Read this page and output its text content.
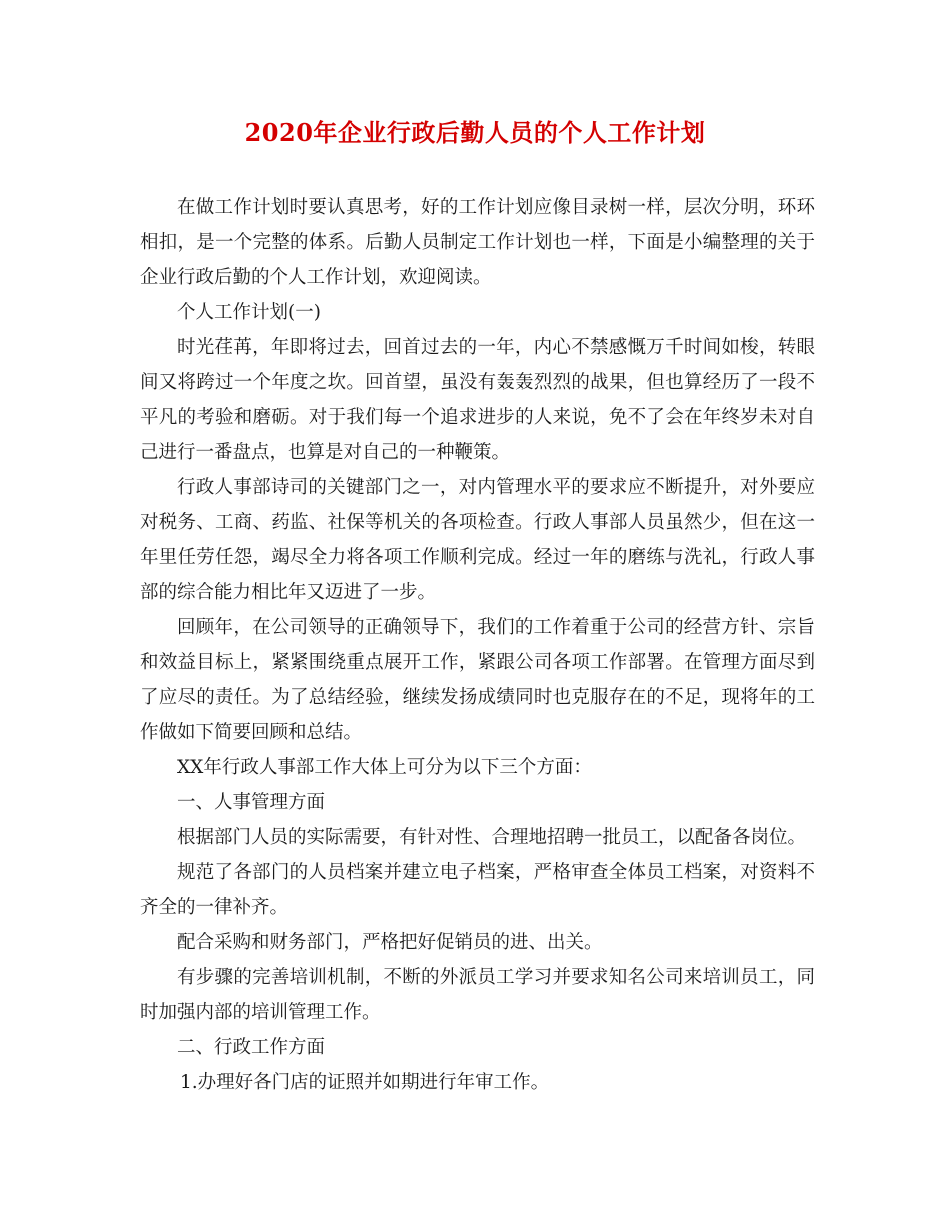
2020年企业行政后勤人员的个人工作计划

在做工作计划时要认真思考，好的工作计划应像目录树一样，层次分明，环环相扣，是一个完整的体系。后勤人员制定工作计划也一样，下面是小编整理的关于企业行政后勤的个人工作计划，欢迎阅读。

个人工作计划(一)

时光荏苒，年即将过去，回首过去的一年，内心不禁感慨万千时间如梭，转眼间又将跨过一个年度之坎。回首望，虽没有轰轰烈烈的战果，但也算经历了一段不平凡的考验和磨砺。对于我们每一个追求进步的人来说，免不了会在年终岁未对自己进行一番盘点，也算是对自己的一种鞭策。

行政人事部诗司的关键部门之一，对内管理水平的要求应不断提升，对外要应对税务、工商、药监、社保等机关的各项检查。行政人事部人员虽然少，但在这一年里任劳任怨，竭尽全力将各项工作顺利完成。经过一年的磨练与洗礼，行政人事部的综合能力相比年又迈进了一步。

回顾年，在公司领导的正确领导下，我们的工作着重于公司的经营方针、宗旨和效益目标上，紧紧围绕重点展开工作，紧跟公司各项工作部署。在管理方面尽到了应尽的责任。为了总结经验，继续发扬成绩同时也克服存在的不足，现将年的工作做如下简要回顾和总结。

XX年行政人事部工作大体上可分为以下三个方面：

一、人事管理方面

根据部门人员的实际需要，有针对性、合理地招聘一批员工，以配备各岗位。

规范了各部门的人员档案并建立电子档案，严格审查全体员工档案，对资料不齐全的一律补齐。

配合采购和财务部门，严格把好促销员的进、出关。

有步骤的完善培训机制，不断的外派员工学习并要求知名公司来培训员工，同时加强内部的培训管理工作。

二、行政工作方面

1.办理好各门店的证照并如期进行年审工作。
